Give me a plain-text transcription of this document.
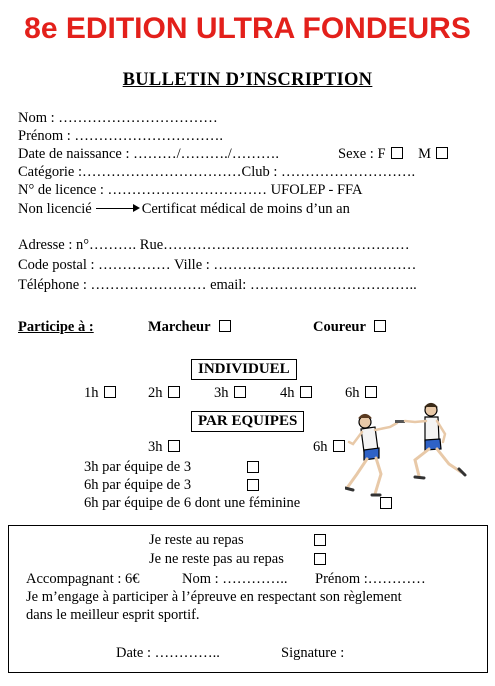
8e EDITION ULTRA FONDEURS
BULLETIN D’INSCRIPTION
Nom : ……………………………
Prénom : ………………………….
Date de naissance : ………/………./……….	Sexe : F M
Catégorie :……………………………Club : ……………………….
N° de licence : …………………………… UFOLEP - FFA
Non licencié	Certificat médical de moins d’un an
Adresse : n°………. Rue……………………………………………
Code postal : …………… Ville : ……………………………………
Téléphone : …………………… email: ……………………………..
Participe à :	Marcheur	Coureur
INDIVIDUEL
1h	2h	3h	4h	6h
PAR EQUIPES
3h	6h
3h par équipe de 3
6h par équipe de 3
6h par équipe de 6 dont une féminine
Je reste au repas
Je ne reste pas au repas
Accompagnant : 6€	Nom : ………….. Prénom :…………
Je m’engage à participer à l’épreuve en respectant son règlement
dans le meilleur esprit sportif.
Date : …………..	Signature :
